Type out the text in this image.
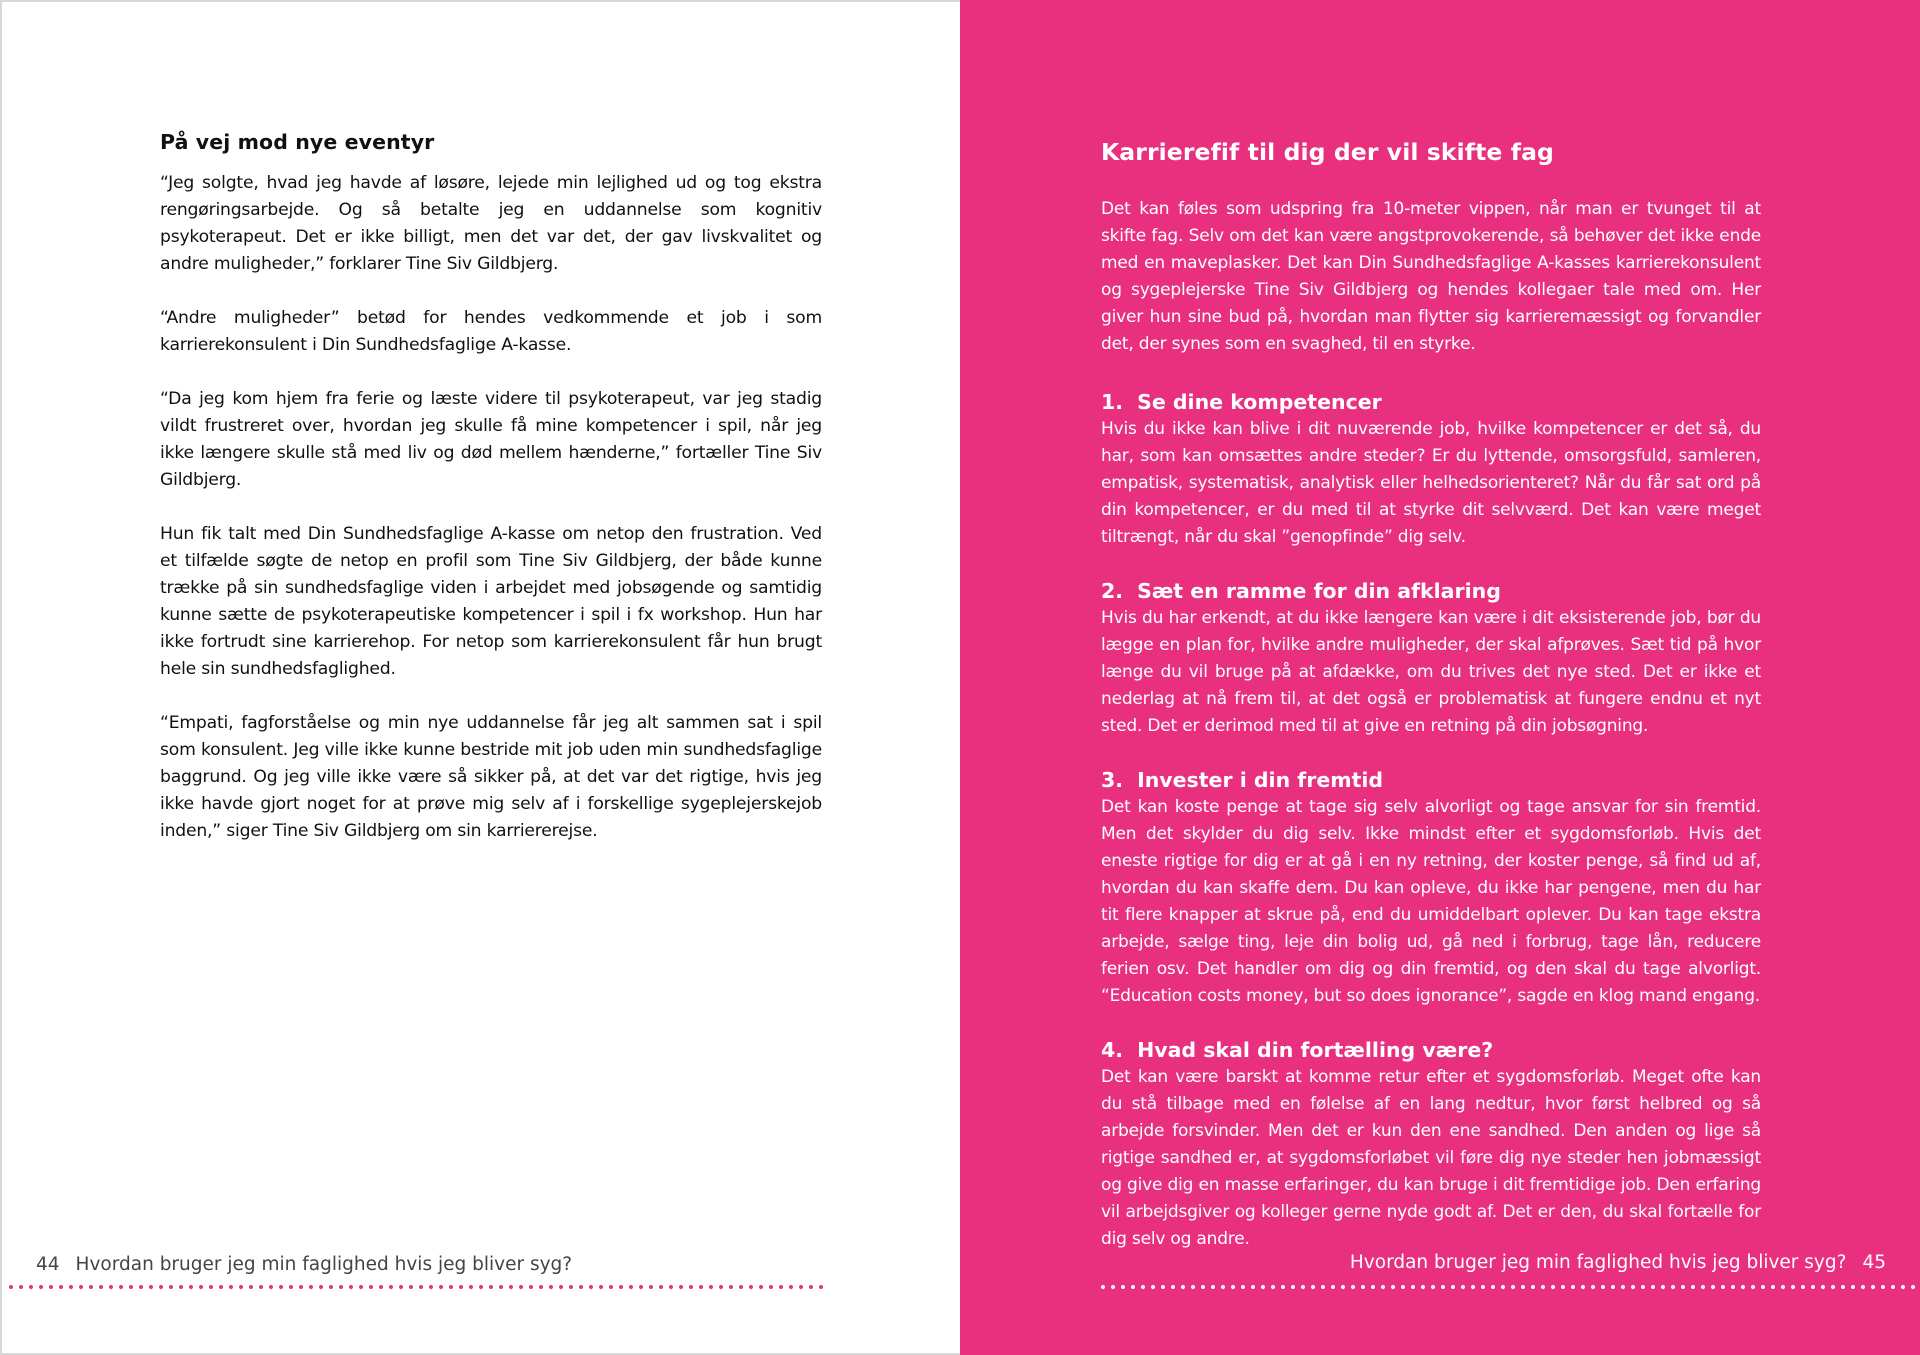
På vej mod nye eventyr

“Jeg solgte, hvad jeg havde af løsøre, lejede min lejlighed ud og tog ekstra rengøringsarbejde. Og så betalte jeg en uddannelse som kognitiv psykoterapeut. Det er ikke billigt, men det var det, der gav livskvalitet og andre muligheder,” forklarer Tine Siv Gildbjerg.

“Andre muligheder” betød for hendes vedkommende et job i som karrierekonsulent i Din Sundhedsfaglige A-kasse.

“Da jeg kom hjem fra ferie og læste videre til psykoterapeut, var jeg stadig vildt frustreret over, hvordan jeg skulle få mine kompetencer i spil, når jeg ikke længere skulle stå med liv og død mellem hænderne,” fortæller Tine Siv Gildbjerg.

Hun fik talt med Din Sundhedsfaglige A-kasse om netop den frustration. Ved et tilfælde søgte de netop en profil som Tine Siv Gildbjerg, der både kunne trække på sin sundhedsfaglige viden i arbejdet med jobsøgende og samtidig kunne sætte de psykoterapeutiske kompetencer i spil i fx workshop. Hun har ikke fortrudt sine karrierehop. For netop som karrierekonsulent får hun brugt hele sin sundhedsfaglighed.

“Empati, fagforståelse og min nye uddannelse får jeg alt sammen sat i spil som konsulent. Jeg ville ikke kunne bestride mit job uden min sundhedsfaglige baggrund. Og jeg ville ikke være så sikker på, at det var det rigtige, hvis jeg ikke havde gjort noget for at prøve mig selv af i forskellige sygeplejerskejob inden,” siger Tine Siv Gildbjerg om sin karriererejse.

44 Hvordan bruger jeg min faglighed hvis jeg bliver syg?
Karrierefif til dig der vil skifte fag

Det kan føles som udspring fra 10-meter vippen, når man er tvunget til at skifte fag. Selv om det kan være angstprovokerende, så behøver det ikke ende med en maveplasker. Det kan Din Sundhedsfaglige A-kasses karrierekonsulent og sygeplejerske Tine Siv Gildbjerg og hendes kollegaer tale med om. Her giver hun sine bud på, hvordan man flytter sig karrieremæssigt og forvandler det, der synes som en svaghed, til en styrke.

1. Se dine kompetencer

Hvis du ikke kan blive i dit nuværende job, hvilke kompetencer er det så, du har, som kan omsættes andre steder? Er du lyttende, omsorgsfuld, samleren, empatisk, systematisk, analytisk eller helhedsorienteret? Når du får sat ord på din kompetencer, er du med til at styrke dit selvværd. Det kan være meget tiltrængt, når du skal ”genopfinde” dig selv.

2. Sæt en ramme for din afklaring

Hvis du har erkendt, at du ikke længere kan være i dit eksisterende job, bør du lægge en plan for, hvilke andre muligheder, der skal afprøves. Sæt tid på hvor længe du vil bruge på at afdække, om du trives det nye sted. Det er ikke et nederlag at nå frem til, at det også er problematisk at fungere endnu et nyt sted. Det er derimod med til at give en retning på din jobsøgning.

3. Invester i din fremtid

Det kan koste penge at tage sig selv alvorligt og tage ansvar for sin fremtid. Men det skylder du dig selv. Ikke mindst efter et sygdomsforløb. Hvis det eneste rigtige for dig er at gå i en ny retning, der koster penge, så find ud af, hvordan du kan skaffe dem. Du kan opleve, du ikke har pengene, men du har tit flere knapper at skrue på, end du umiddelbart oplever. Du kan tage ekstra arbejde, sælge ting, leje din bolig ud, gå ned i forbrug, tage lån, reducere ferien osv. Det handler om dig og din fremtid, og den skal du tage alvorligt. “Education costs money, but so does ignorance”, sagde en klog mand engang.

4. Hvad skal din fortælling være?

Det kan være barskt at komme retur efter et sygdomsforløb. Meget ofte kan du stå tilbage med en følelse af en lang nedtur, hvor først helbred og så arbejde forsvinder. Men det er kun den ene sandhed. Den anden og lige så rigtige sandhed er, at sygdomsforløbet vil føre dig nye steder hen jobmæssigt og give dig en masse erfaringer, du kan bruge i dit fremtidige job. Den erfaring vil arbejdsgiver og kolleger gerne nyde godt af. Det er den, du skal fortælle for dig selv og andre.

Hvordan bruger jeg min faglighed hvis jeg bliver syg? 45
